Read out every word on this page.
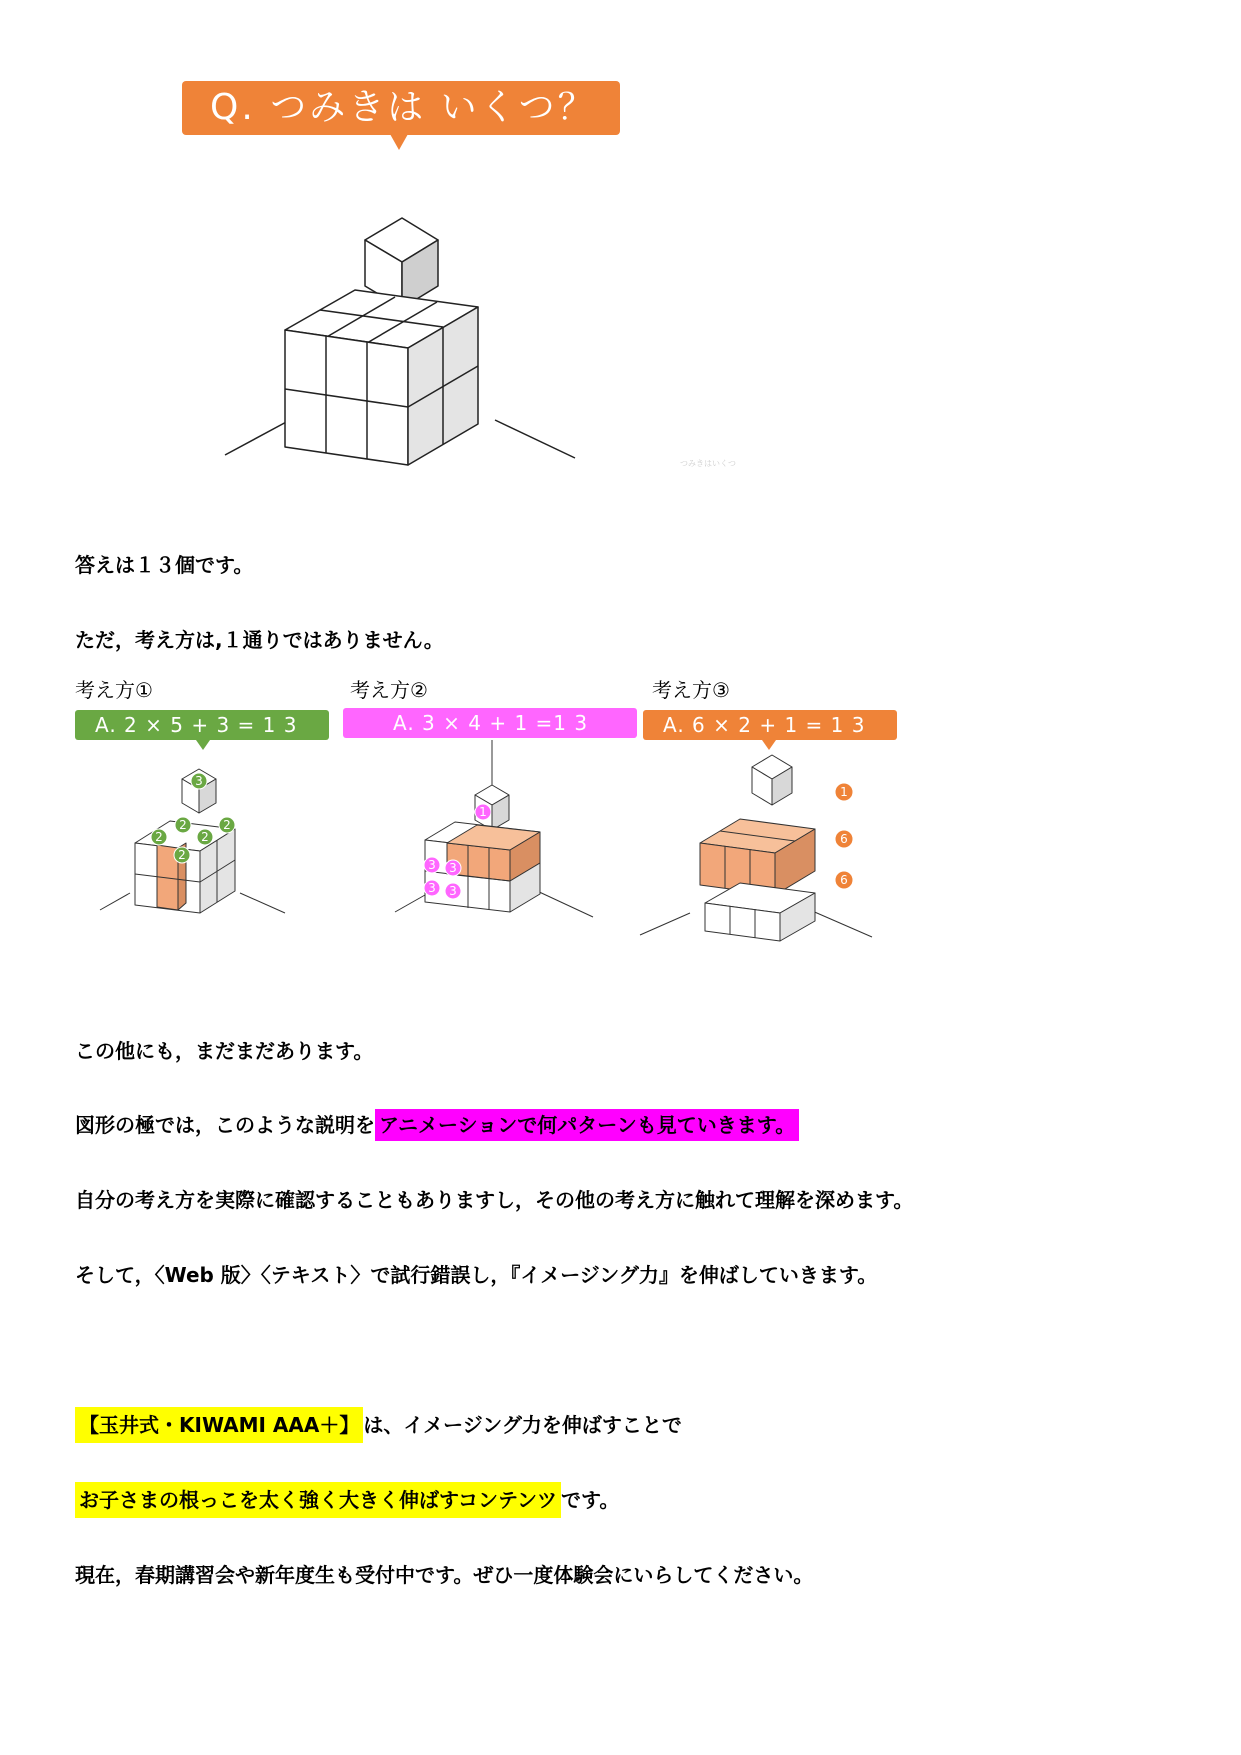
Q. つみきは いくつ？
つみきはいくつ
答えは１３個です。
ただ，考え方は,１通りではありません。
考え方①	考え方②	考え方③
A. 2 × 5 + 3 = 1 3	A. 3 × 4 + 1 =1 3	A. 6 × 2 + 1 = 1 3
3
2
2
2
2
2
1
3 3
3 3
1
6
6
この他にも，まだまだあります。
図形の極では，このような説明を アニメーションで何パターンも見ていきます。
自分の考え方を実際に確認することもありますし，その他の考え方に触れて理解を深めます。
そして，〈Web 版〉〈テキスト〉で試行錯誤し，『イメージング力』を伸ばしていきます。
【玉井式・KIWAMI AAA＋】 は、イメージング力を伸ばすことで
お子さまの根っこを太く強く大きく伸ばすコンテンツ です。
現在，春期講習会や新年度生も受付中です。ぜひ一度体験会にいらしてください。
